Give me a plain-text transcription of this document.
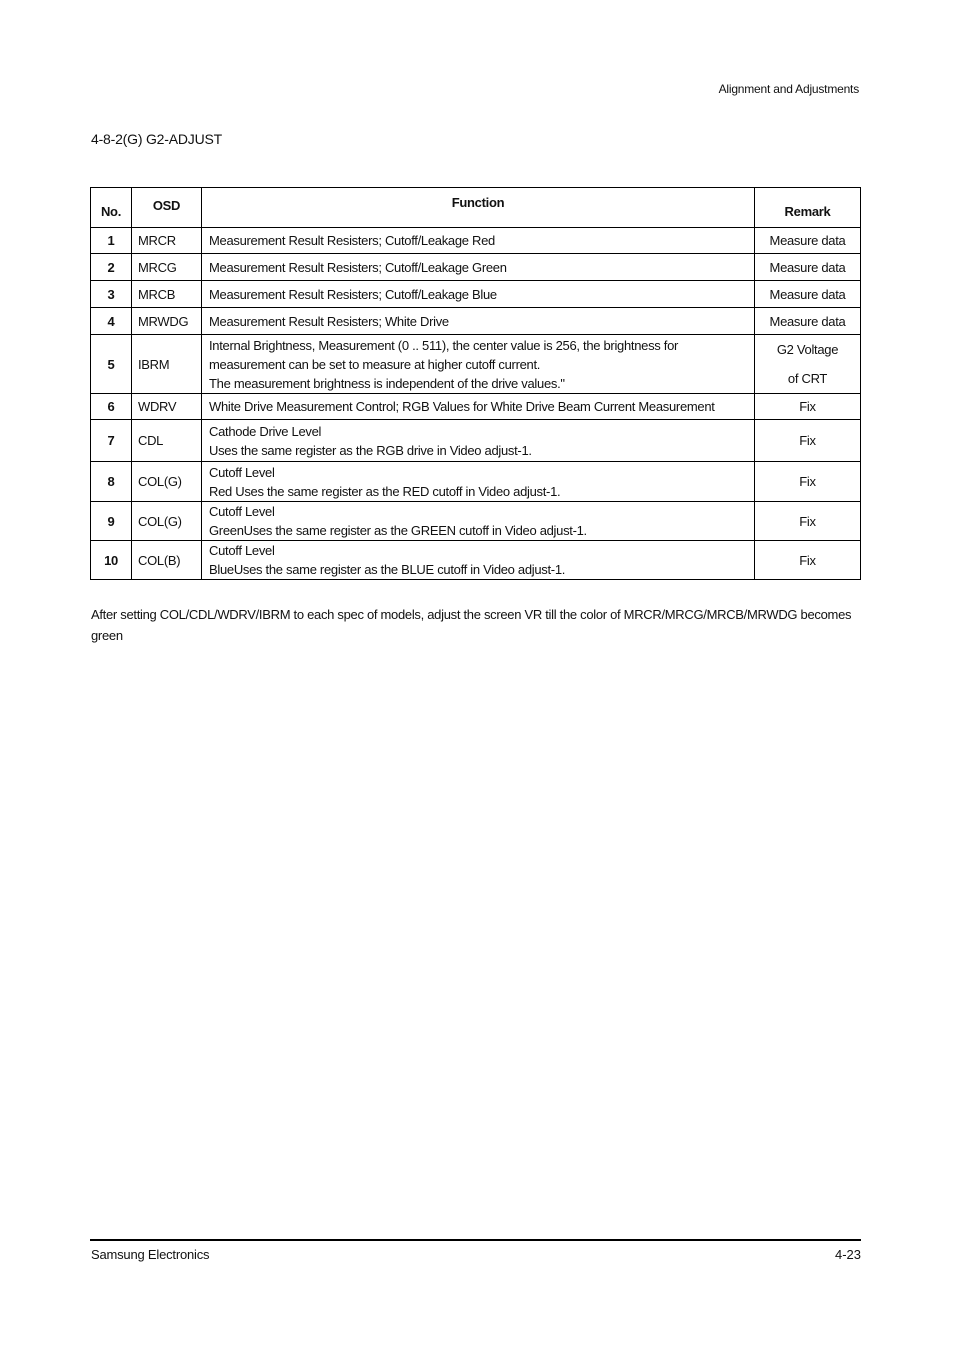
Alignment and Adjustments
4-8-2(G) G2-ADJUST
No.	OSD	Function	Remark
1	MRCR	Measurement Result Resisters; Cutoff/Leakage Red	Measure data

2	MRCG	Measurement Result Resisters; Cutoff/Leakage Green	Measure data

3	MRCB	Measurement Result Resisters; Cutoff/Leakage Blue	Measure data

4	MRWDG	Measurement Result Resisters; White Drive	Measure data

5	IBRM	Internal Brightness, Measurement (0 .. 511), the center value is 256, the brightness for
measurement can be set to measure at higher cutoff current.
The measurement brightness is independent of the drive values."	G2 Voltage
of CRT

6	WDRV	White Drive Measurement Control; RGB Values for White Drive Beam Current Measurement	Fix

7	CDL	Cathode Drive Level
Uses the same register as the RGB drive in Video adjust-1.	Fix

8	COL(G)	Cutoff Level
Red Uses the same register as the RED cutoff in Video adjust-1.	Fix

9	COL(G)	Cutoff Level
GreenUses the same register as the GREEN cutoff in Video adjust-1.	Fix

10	COL(B)	Cutoff Level
BlueUses the same register as the BLUE cutoff in Video adjust-1.	Fix
After setting COL/CDL/WDRV/IBRM to each spec of models, adjust the screen VR till the color of MRCR/MRCG/MRCB/MRWDG becomes green
Samsung Electronics	4-23
